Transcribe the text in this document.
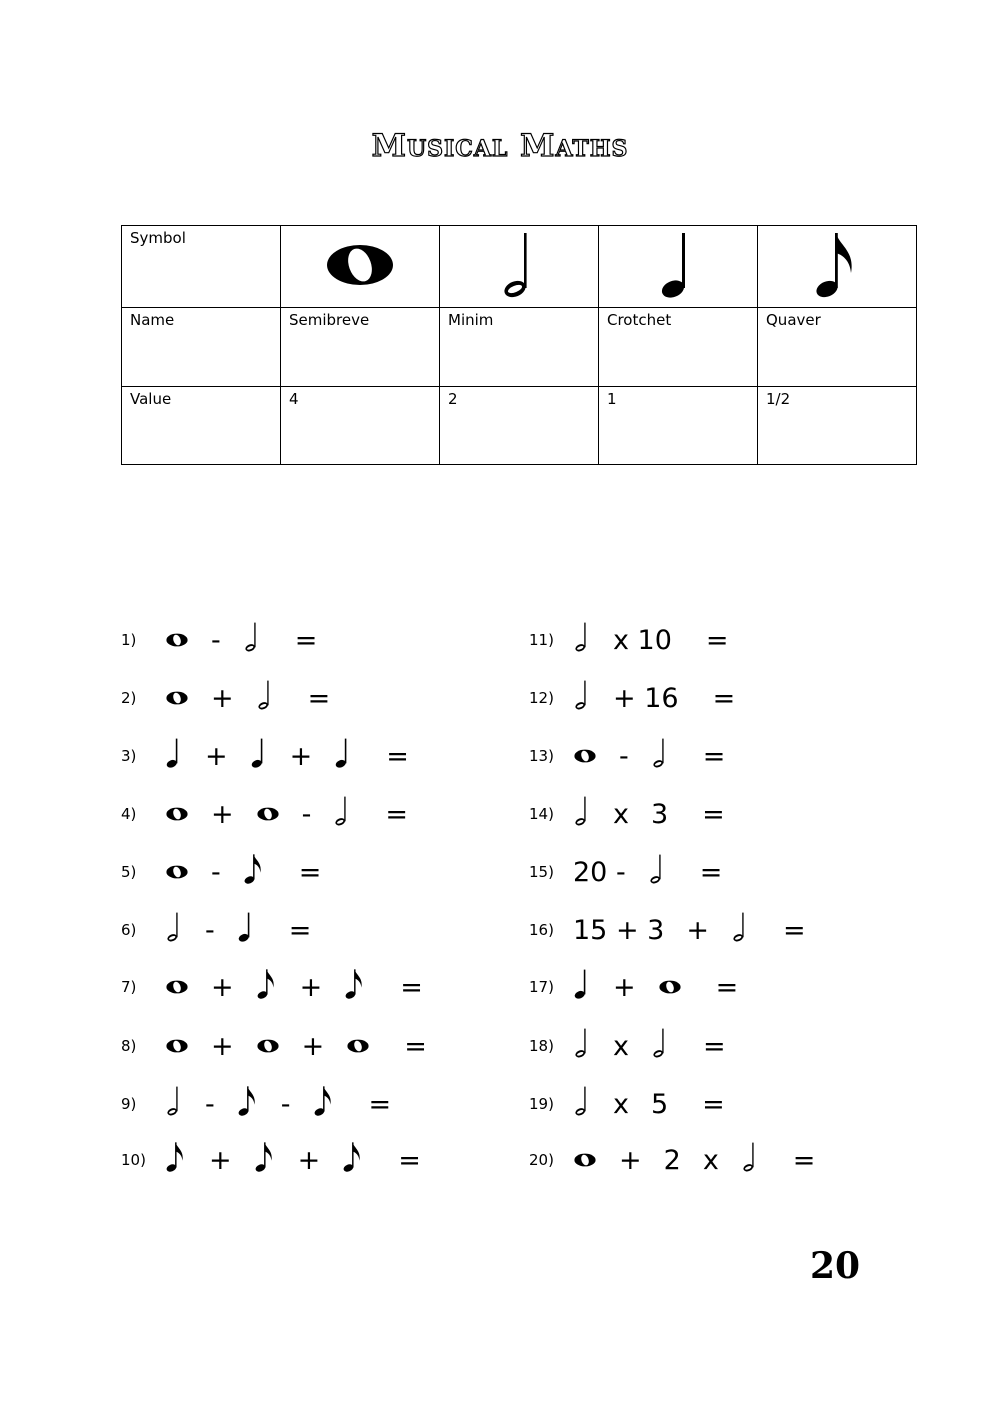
Musical Maths
Symbol				
Name	Semibreve	Minim	Crotchet	Quaver
Value	4	2	1	1/2
1)	-	=
2)	+	=
3)	+ +	=
4)	+	-	=
5)	-	=
6)	-	=
7)	+ +	=
8)	+	+	=
9)	- -	=
10)	+ +	=
11)	x 10 =
12)	+ 16 =
13)	-	=
14)	x 3 =
15) 20 -	=
16) 15 + 3 +	=
17)	+	=
18)	x	=
19)	x 5 =
20)	+ 2 x	=
20
